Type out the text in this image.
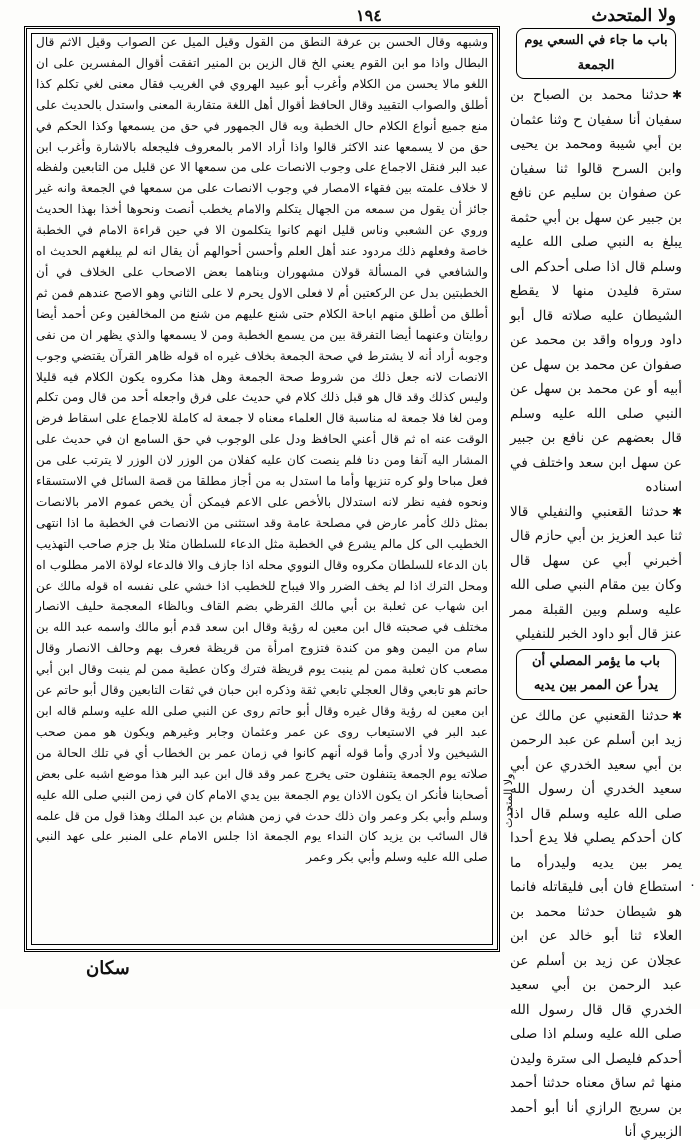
١٩٤	ولا المتحدث

وشبهه وقال الحسن بن عرفة النطق من القول وقيل الميل عن الصواب وقيل الاثم قال البطال واذا مو ابن القوم يعني الخ قال الزين بن المنير اتفقت أقوال المفسرين على ان اللغو مالا يحسن من الكلام وأغرب أبو عبيد الهروي في الغريب فقال معنى لغي تكلم كذا أطلق والصواب التقييد وقال الحافظ أقوال أهل اللغة متقاربة المعنى واستدل بالحديث على منع جميع أنواع الكلام حال الخطبة وبه قال الجمهور في حق من يسمعها وكذا الحكم في حق من لا يسمعها عند الاكثر قالوا واذا أراد الامر بالمعروف فليجعله بالاشارة وأغرب ابن عبد البر فنقل الاجماع على وجوب الانصات على من سمعها الا عن قليل من التابعين ولفظه لا خلاف علمته بين فقهاء الامصار في وجوب الانصات على من سمعها في الجمعة وانه غير جائز أن يقول من سمعه من الجهال يتكلم والامام يخطب أنصت ونحوها أخذا بهذا الحديث وروي عن الشعبي وناس قليل انهم كانوا يتكلمون الا في حين قراءة الامام في الخطبة خاصة وفعلهم ذلك مردود عند أهل العلم وأحسن أحوالهم أن يقال انه لم يبلغهم الحديث اه والشافعي في المسألة قولان مشهوران وبناهما بعض الاصحاب على الخلاف في أن الخطبتين بدل عن الركعتين أم لا فعلى الاول يحرم لا على الثاني وهو الاصح عندهم فمن ثم أطلق من أطلق منهم اباحة الكلام حتى شنع عليهم من شنع من المخالفين وعن أحمد أيضا روايتان وعنهما أيضا التفرقة بين من يسمع الخطبة ومن لا يسمعها والذي يظهر ان من نفى وجوبه أراد أنه لا يشترط في صحة الجمعة بخلاف غيره اه قوله ظاهر القرآن يقتضي وجوب الانصات لانه جعل ذلك من شروط صحة الجمعة وهل هذا مكروه يكون الكلام فيه قليلا وليس كذلك وقد قال هو قبل ذلك كلام في حديث على فرق واجعله أحد من قال ومن تكلم ومن لغا فلا جمعة له مناسبة قال العلماء معناه لا جمعة له كاملة للاجماع على اسقاط فرض الوقت عنه اه ثم قال أعني الحافظ ودل على الوجوب في حق السامع ان في حديث على المشار اليه آنفا ومن دنا فلم ينصت كان عليه كفلان من الوزر لان الوزر لا يترتب على من فعل مباحا ولو كره تنزيها وأما ما استدل به من أجاز مطلقا من قصة السائل في الاستسقاء ونحوه ففيه نظر لانه استدلال بالأخص على الاعم فيمكن أن يخص عموم الامر بالانصات بمثل ذلك كأمر عارض في مصلحة عامة وقد استثنى من الانصات في الخطبة ما اذا انتهى الخطيب الى كل مالم يشرع في الخطبة مثل الدعاء للسلطان مثلا بل جزم صاحب التهذيب بان الدعاء للسلطان مكروه وقال النووي محله اذا جازف والا فالدعاء لولاة الامر مطلوب اه ومحل الترك اذا لم يخف الضرر والا فيباح للخطيب اذا خشي على نفسه اه قوله مالك عن ابن شهاب عن ثعلبة بن أبي مالك القرظي بضم القاف وبالظاء المعجمة حليف الانصار مختلف في صحبته قال ابن معين له رؤية وقال ابن سعد قدم أبو مالك واسمه عبد الله بن سام من اليمن وهو من كندة فتزوج امرأة من قريظة فعرف بهم وحالف الانصار وقال مصعب كان ثعلبة ممن لم ينبت يوم قريظة فترك وكان عطية ممن لم ينبت وقال ابن أبي حاتم هو تابعي وقال العجلي تابعي ثقة وذكره ابن حبان في ثقات التابعين وقال أبو حاتم عن ابن معين له رؤية وقال غيره وقال أبو حاتم روى عن النبي صلى الله عليه وسلم قاله ابن عبد البر في الاستيعاب روى عن عمر وعثمان وجابر وغيرهم ويكون هو ممن صحب الشيخين ولا أدري وأما قوله أنهم كانوا في زمان عمر بن الخطاب أي في تلك الحالة من صلاته يوم الجمعة يتنفلون حتى يخرج عمر وقد قال ابن عبد البر هذا موضع اشبه على بعض أصحابنا فأنكر ان يكون الاذان يوم الجمعة بين يدي الامام كان في زمن النبي صلى الله عليه وسلم وأبي بكر وعمر وان ذلك حدث في زمن هشام بن عبد الملك وهذا قول من قل علمه قال السائب بن يزيد كان النداء يوم الجمعة اذا جلس الامام على المنبر على عهد النبي صلى الله عليه وسلم وأبي بكر وعمر

باب ما جاء في السعي يوم الجمعة

✱حدثنا محمد بن الصباح بن سفيان أنا سفيان ح وثنا عثمان بن أبي شيبة ومحمد بن يحيى وابن السرح قالوا ثنا سفيان عن صفوان بن سليم عن نافع بن جبير عن سهل بن أبي حثمة يبلغ به النبي صلى الله عليه وسلم قال اذا صلى أحدكم الى سترة فليدن منها لا يقطع الشيطان عليه صلاته قال أبو داود ورواه واقد بن محمد عن صفوان عن محمد بن سهل عن أبيه أو عن محمد بن سهل عن النبي صلى الله عليه وسلم قال بعضهم عن نافع بن جبير عن سهل ابن سعد واختلف في اسناده

✱حدثنا القعنبي والنفيلي قالا ثنا عبد العزيز بن أبي حازم قال أخبرني أبي عن سهل قال وكان بين مقام النبي صلى الله عليه وسلم وبين القبلة ممر عنز قال أبو داود الخبر للنفيلي

باب ما يؤمر المصلي أن يدرأ عن الممر بين يديه

✱حدثنا القعنبي عن مالك عن زيد ابن أسلم عن عبد الرحمن بن أبي سعيد الخدري عن أبي سعيد الخدري أن رسول الله صلى الله عليه وسلم قال اذا كان أحدكم يصلي فلا يدع أحدا يمر بين يديه وليدرأه ما استطاع فان أبى فليقاتله فانما هو شيطان حدثنا محمد بن العلاء ثنا أبو خالد عن ابن عجلان عن زيد بن أسلم عن عبد الرحمن بن أبي سعيد الخدري قال قال رسول الله صلى الله عليه وسلم اذا صلى أحدكم فليصل الى سترة وليدن منها ثم ساق معناه حدثنا أحمد بن سريج الرازي أنا أبو أحمد الزبيري أنا

ولا المتحدث
سكان
٠
